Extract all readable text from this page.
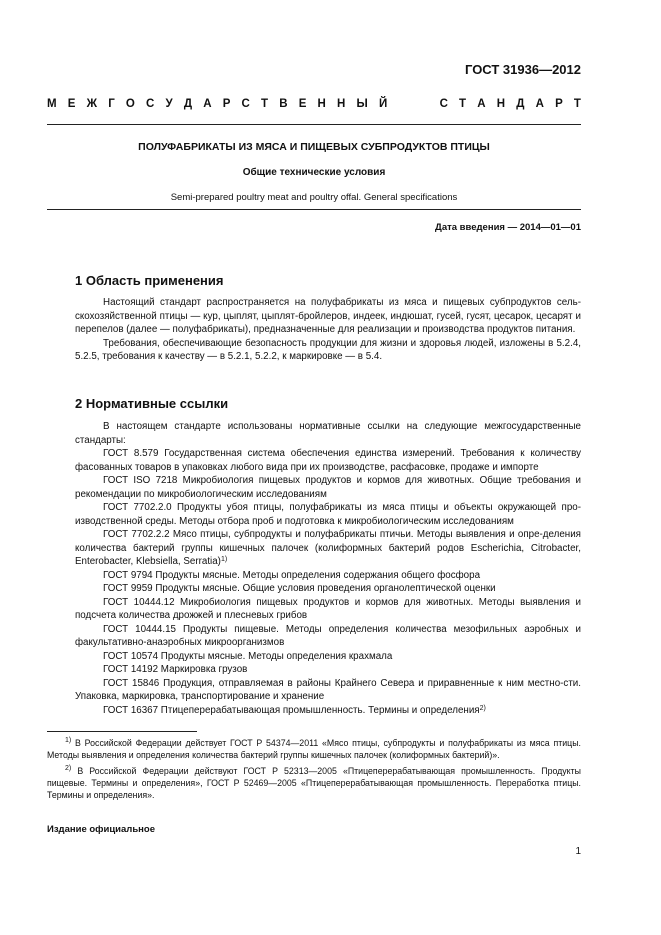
ГОСТ 31936—2012
М Е Ж Г О С У Д А Р С Т В Е Н Н Ы Й	С Т А Н Д А Р Т
ПОЛУФАБРИКАТЫ ИЗ МЯСА И ПИЩЕВЫХ СУБПРОДУКТОВ ПТИЦЫ
Общие технические условия
Semi-prepared poultry meat and poultry offal. General specifications
Дата введения — 2014—01—01
1 Область применения

Настоящий стандарт распространяется на полуфабрикаты из мяса и пищевых субпродуктов сель-скохозяйственной птицы — кур, цыплят, цыплят-бройлеров, индеек, индюшат, гусей, гусят, цесарок, цесарят и перепелов (далее — полуфабрикаты), предназначенные для реализации и производства продуктов питания.

Требования, обеспечивающие безопасность продукции для жизни и здоровья людей, изложены в 5.2.4, 5.2.5, требования к качеству — в 5.2.1, 5.2.2, к маркировке — в 5.4.

2 Нормативные ссылки

В настоящем стандарте использованы нормативные ссылки на следующие межгосударственные стандарты:

ГОСТ 8.579 Государственная система обеспечения единства измерений. Требования к количеству фасованных товаров в упаковках любого вида при их производстве, расфасовке, продаже и импорте

ГОСТ ISO 7218 Микробиология пищевых продуктов и кормов для животных. Общие требования и рекомендации по микробиологическим исследованиям

ГОСТ 7702.2.0 Продукты убоя птицы, полуфабрикаты из мяса птицы и объекты окружающей про-изводственной среды. Методы отбора проб и подготовка к микробиологическим исследованиям

ГОСТ 7702.2.2 Мясо птицы, субпродукты и полуфабрикаты птичьи. Методы выявления и опре-деления количества бактерий группы кишечных палочек (колиформных бактерий родов Escherichia, Citrobacter, Enterobacter, Klebsiella, Serratia)$^{1)}$

ГОСТ 9794 Продукты мясные. Методы определения содержания общего фосфора

ГОСТ 9959 Продукты мясные. Общие условия проведения органолептической оценки

ГОСТ 10444.12 Микробиология пищевых продуктов и кормов для животных. Методы выявления и подсчета количества дрожжей и плесневых грибов

ГОСТ 10444.15 Продукты пищевые. Методы определения количества мезофильных аэробных и факультативно-анаэробных микроорганизмов

ГОСТ 10574 Продукты мясные. Методы определения крахмала

ГОСТ 14192 Маркировка грузов

ГОСТ 15846 Продукция, отправляемая в районы Крайнего Севера и приравненные к ним местно-сти. Упаковка, маркировка, транспортирование и хранение

ГОСТ 16367 Птицеперерабатывающая промышленность. Термины и определения$^{2)}$

$^{1)}$ В Российской Федерации действует ГОСТ Р 54374—2011 «Мясо птицы, субпродукты и полуфабрикаты из мяса птицы. Методы выявления и определения количества бактерий группы кишечных палочек (колиформных бактерий)».

$^{2)}$ В Российской Федерации действуют ГОСТ Р 52313—2005 «Птицеперерабатывающая промышленность. Продукты пищевые. Термины и определения», ГОСТ Р 52469—2005 «Птицеперерабатывающая промышленность. Переработка птицы. Термины и определения».

Издание официальное
1
